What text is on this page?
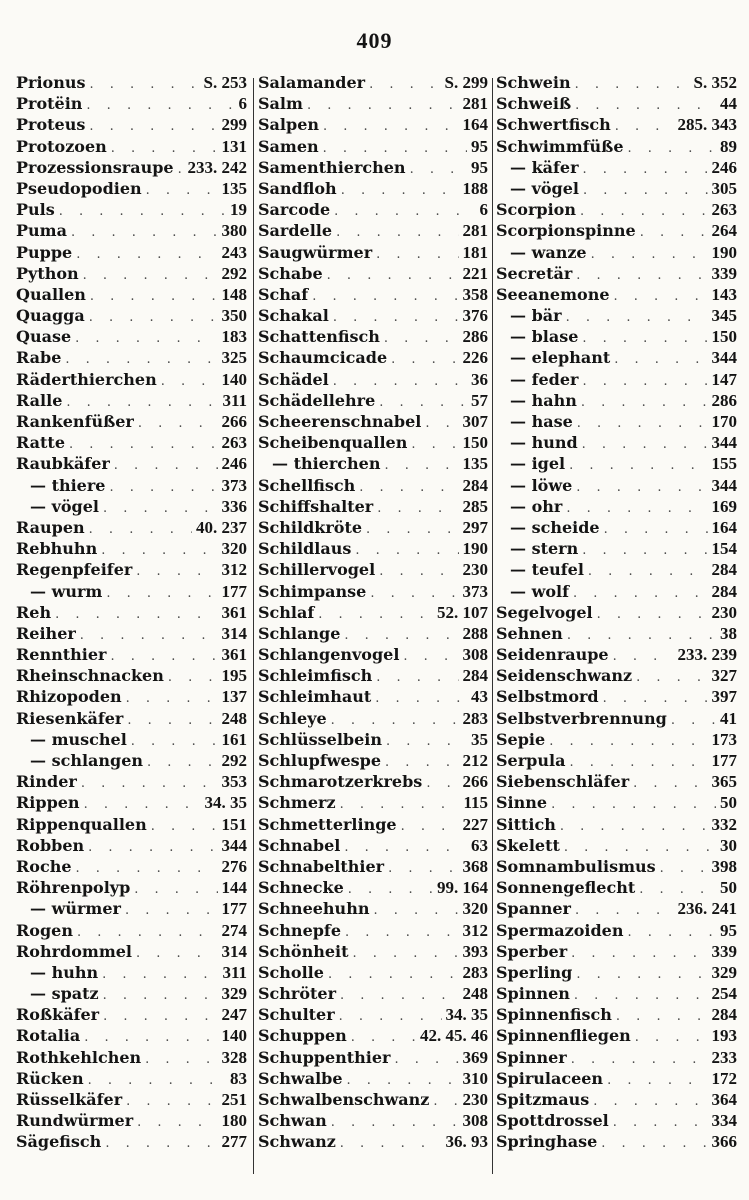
409
Prionus . . .	S. 253
Protëin . . .	6
Proteus . . .	299
Protozoen . . .	131
Prozessionsraupe . . . 233. 242
Pseudopodien . . .	135
Puls . . .	19
Puma . . .	380
Puppe . . .	243
Python . . .	292
Quallen . . .	148
Quagga . . .	350
Quase . . .	183
Rabe . . .	325
Räderthierchen . . .	140
Ralle . . .	311
Rankenfüßer . . .	266
Ratte . . .	263
Raubkäfer . . .	246
— thiere . . .	373
— vögel . . .	336
Raupen . . .	40. 237
Rebhuhn . . .	320
Regenpfeifer . . .	312
— wurm . . .	177
Reh . . .	361
Reiher . . .	314
Rennthier . . .	361
Rheinschnacken . . .	195
Rhizopoden . . .	137
Riesenkäfer . . .	248
— muschel . . .	161
— schlangen . . .	292
Rinder . . .	353
Rippen . . .	34. 35
Rippenquallen . . .	151
Robben . . .	344
Roche . . .	276
Röhrenpolyp . . .	144
— würmer . . .	177
Rogen . . .	274
Rohrdommel . . .	314
— huhn . . .	311
— spatz . . .	329
Roßkäfer . . .	247
Rotalia . . .	140
Rothkehlchen . . .	328
Rücken . . .	83
Rüsselkäfer . . .	251
Rundwürmer . . .	180
Sägefisch . . .	277
Salamander . . .	S. 299
Salm . . .	281
Salpen . . .	164
Samen . . .	95
Samenthierchen . . .	95
Sandfloh . . .	188
Sarcode . . .	6
Sardelle . . .	281
Saugwürmer . . .	181
Schabe . . .	221
Schaf . . .	358
Schakal . . .	376
Schattenfisch . . .	286
Schaumcicade . . .	226
Schädel . . .	36
Schädellehre . . .	57
Scheerenschnabel . . . 307
Scheibenquallen . . .	150
— thierchen . . .	135
Schellfisch . . .	284
Schiffshalter . . .	285
Schildkröte . . .	297
Schildlaus . . .	190
Schillervogel . . .	230
Schimpanse . . .	373
Schlaf . . .	52. 107
Schlange . . .	288
Schlangenvogel . . .	308
Schleimfisch . . .	284
Schleimhaut . . .	43
Schleye . . .	283
Schlüsselbein . . .	35
Schlupfwespe . . .	212
Schmarotzerkrebs . . . 266
Schmerz . . .	115
Schmetterlinge . . .	227
Schnabel . . .	63
Schnabelthier . . .	368
Schnecke . . .	99. 164
Schneehuhn . . .	320
Schnepfe . . .	312
Schönheit . . .	393
Scholle . . .	283
Schröter . . .	248
Schulter . . .	34. 35
Schuppen . . .	42. 45. 46
Schuppenthier . . .	369
Schwalbe . . .	310
Schwalbenschwanz . . . 230
Schwan . . .	308
Schwanz . . .	36. 93
Schwein . . .	S. 352
Schweiß . . .	44
Schwertfisch . . .	285. 343
Schwimmfüße . . .	89
— käfer . . .	246
— vögel . . .	305
Scorpion . . .	263
Scorpionspinne . . .	264
— wanze . . .	190
Secretär . . .	339
Seeanemone . . .	143
— bär . . .	345
— blase . . .	150
— elephant . . .	344
— feder . . .	147
— hahn . . .	286
— hase . . .	170
— hund . . .	344
— igel . . .	155
— löwe . . .	344
— ohr . . .	169
— scheide . . .	164
— stern . . .	154
— teufel . . .	284
— wolf . . .	284
Segelvogel . . .	230
Sehnen . . .	38
Seidenraupe . . .	233. 239
Seidenschwanz . . .	327
Selbstmord . . .	397
Selbstverbrennung . . .	41
Sepie . . .	173
Serpula . . .	177
Siebenschläfer . . .	365
Sinne . . .	50
Sittich . . .	332
Skelett . . .	30
Somnambulismus . . .	398
Sonnengeflecht . . .	50
Spanner . . .	236. 241
Spermazoiden . . .	95
Sperber . . .	339
Sperling . . .	329
Spinnen . . .	254
Spinnenfisch . . .	284
Spinnenfliegen . . .	193
Spinner . . .	233
Spirulaceen . . .	172
Spitzmaus . . .	364
Spottdrossel . . .	334
Springhase . . .	366
